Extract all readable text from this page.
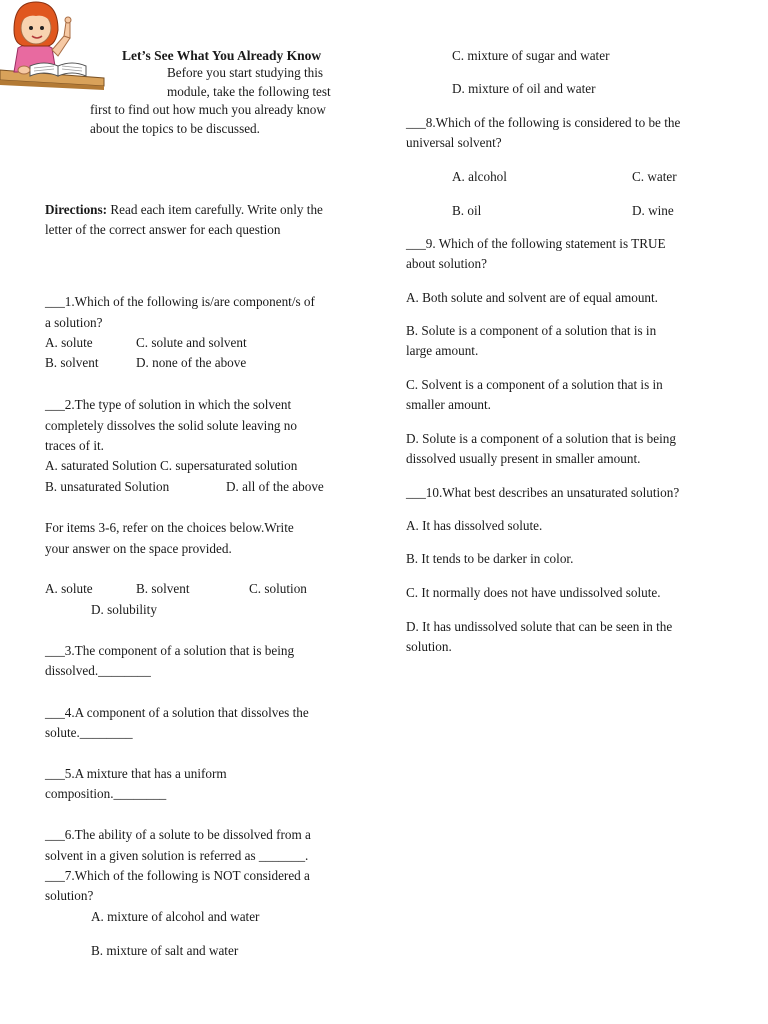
Let’s See What You Already Know
Before you start studying this
module, take the following test
first to find out how much you already know
about the topics to be discussed.
Directions: Read each item carefully. Write only the
letter of the correct answer for each question
___1.Which of the following is/are component/s of
a solution?
A. solute	C. solute and solvent
B. solvent	D. none of the above
___2.The type of solution in which the solvent
completely dissolves the solid solute leaving no
traces of it.
A. saturated Solution C. supersaturated solution
B. unsaturated Solution	D. all of the above
For items 3-6, refer on the choices below.Write
your answer on the space provided.
A. solute	B. solvent	C. solution
D. solubility
___3.The component of a solution that is being
dissolved.________
___4.A component of a solution that dissolves the
solute.________
___5.A mixture that has a uniform
composition.________
___6.The ability of a solute to be dissolved from a
solvent in a given solution is referred as _______.
___7.Which of the following is NOT considered a
solution?
A. mixture of alcohol and water
B. mixture of salt and water
C. mixture of sugar and water
D. mixture of oil and water
___8.Which of the following is considered to be the
universal solvent?
A. alcohol	C. water
B. oil	D. wine
___9. Which of the following statement is TRUE
about solution?
A. Both solute and solvent are of equal amount.
B. Solute is a component of a solution that is in
large amount.
C. Solvent is a component of a solution that is in
smaller amount.
D. Solute is a component of a solution that is being
dissolved usually present in smaller amount.
___10.What best describes an unsaturated solution?
A. It has dissolved solute.
B. It tends to be darker in color.
C. It normally does not have undissolved solute.
D. It has undissolved solute that can be seen in the
solution.
